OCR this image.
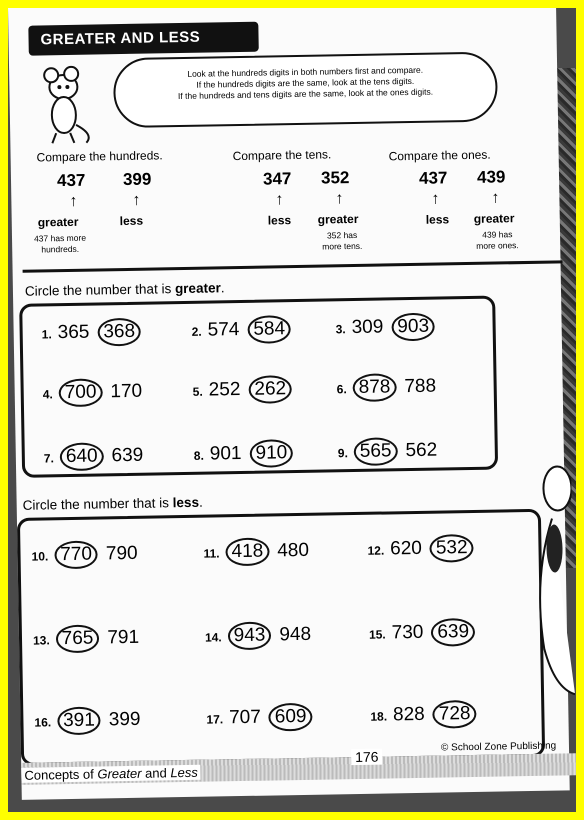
GREATER AND LESS
Look at the hundreds digits in both numbers first and compare.
If the hundreds digits are the same, look at the tens digits.
If the hundreds and tens digits are the same, look at the ones digits.
Compare the hundreds.
437 399
↑	↑
greater	less
437 has more
hundreds.
Compare the tens.
347 352
↑	↑
less greater
352 has
more tens.
Compare the ones.
437 439
↑	↑
less greater
439 has
more ones.
Circle the number that is greater.
Circle the number that is less.
1. 365 368	2. 574 584	3. 309 903
4. 700 170	5. 252 262	6. 878 788
7. 640 639	8. 901 910	9. 565 562
10. 770 790	11. 418 480	12. 620 532
13. 765 791	14. 943 948	15. 730 639
16. 391 399	17. 707 609	18. 828 728
Concepts of Greater and Less
176
© School Zone Publishing
